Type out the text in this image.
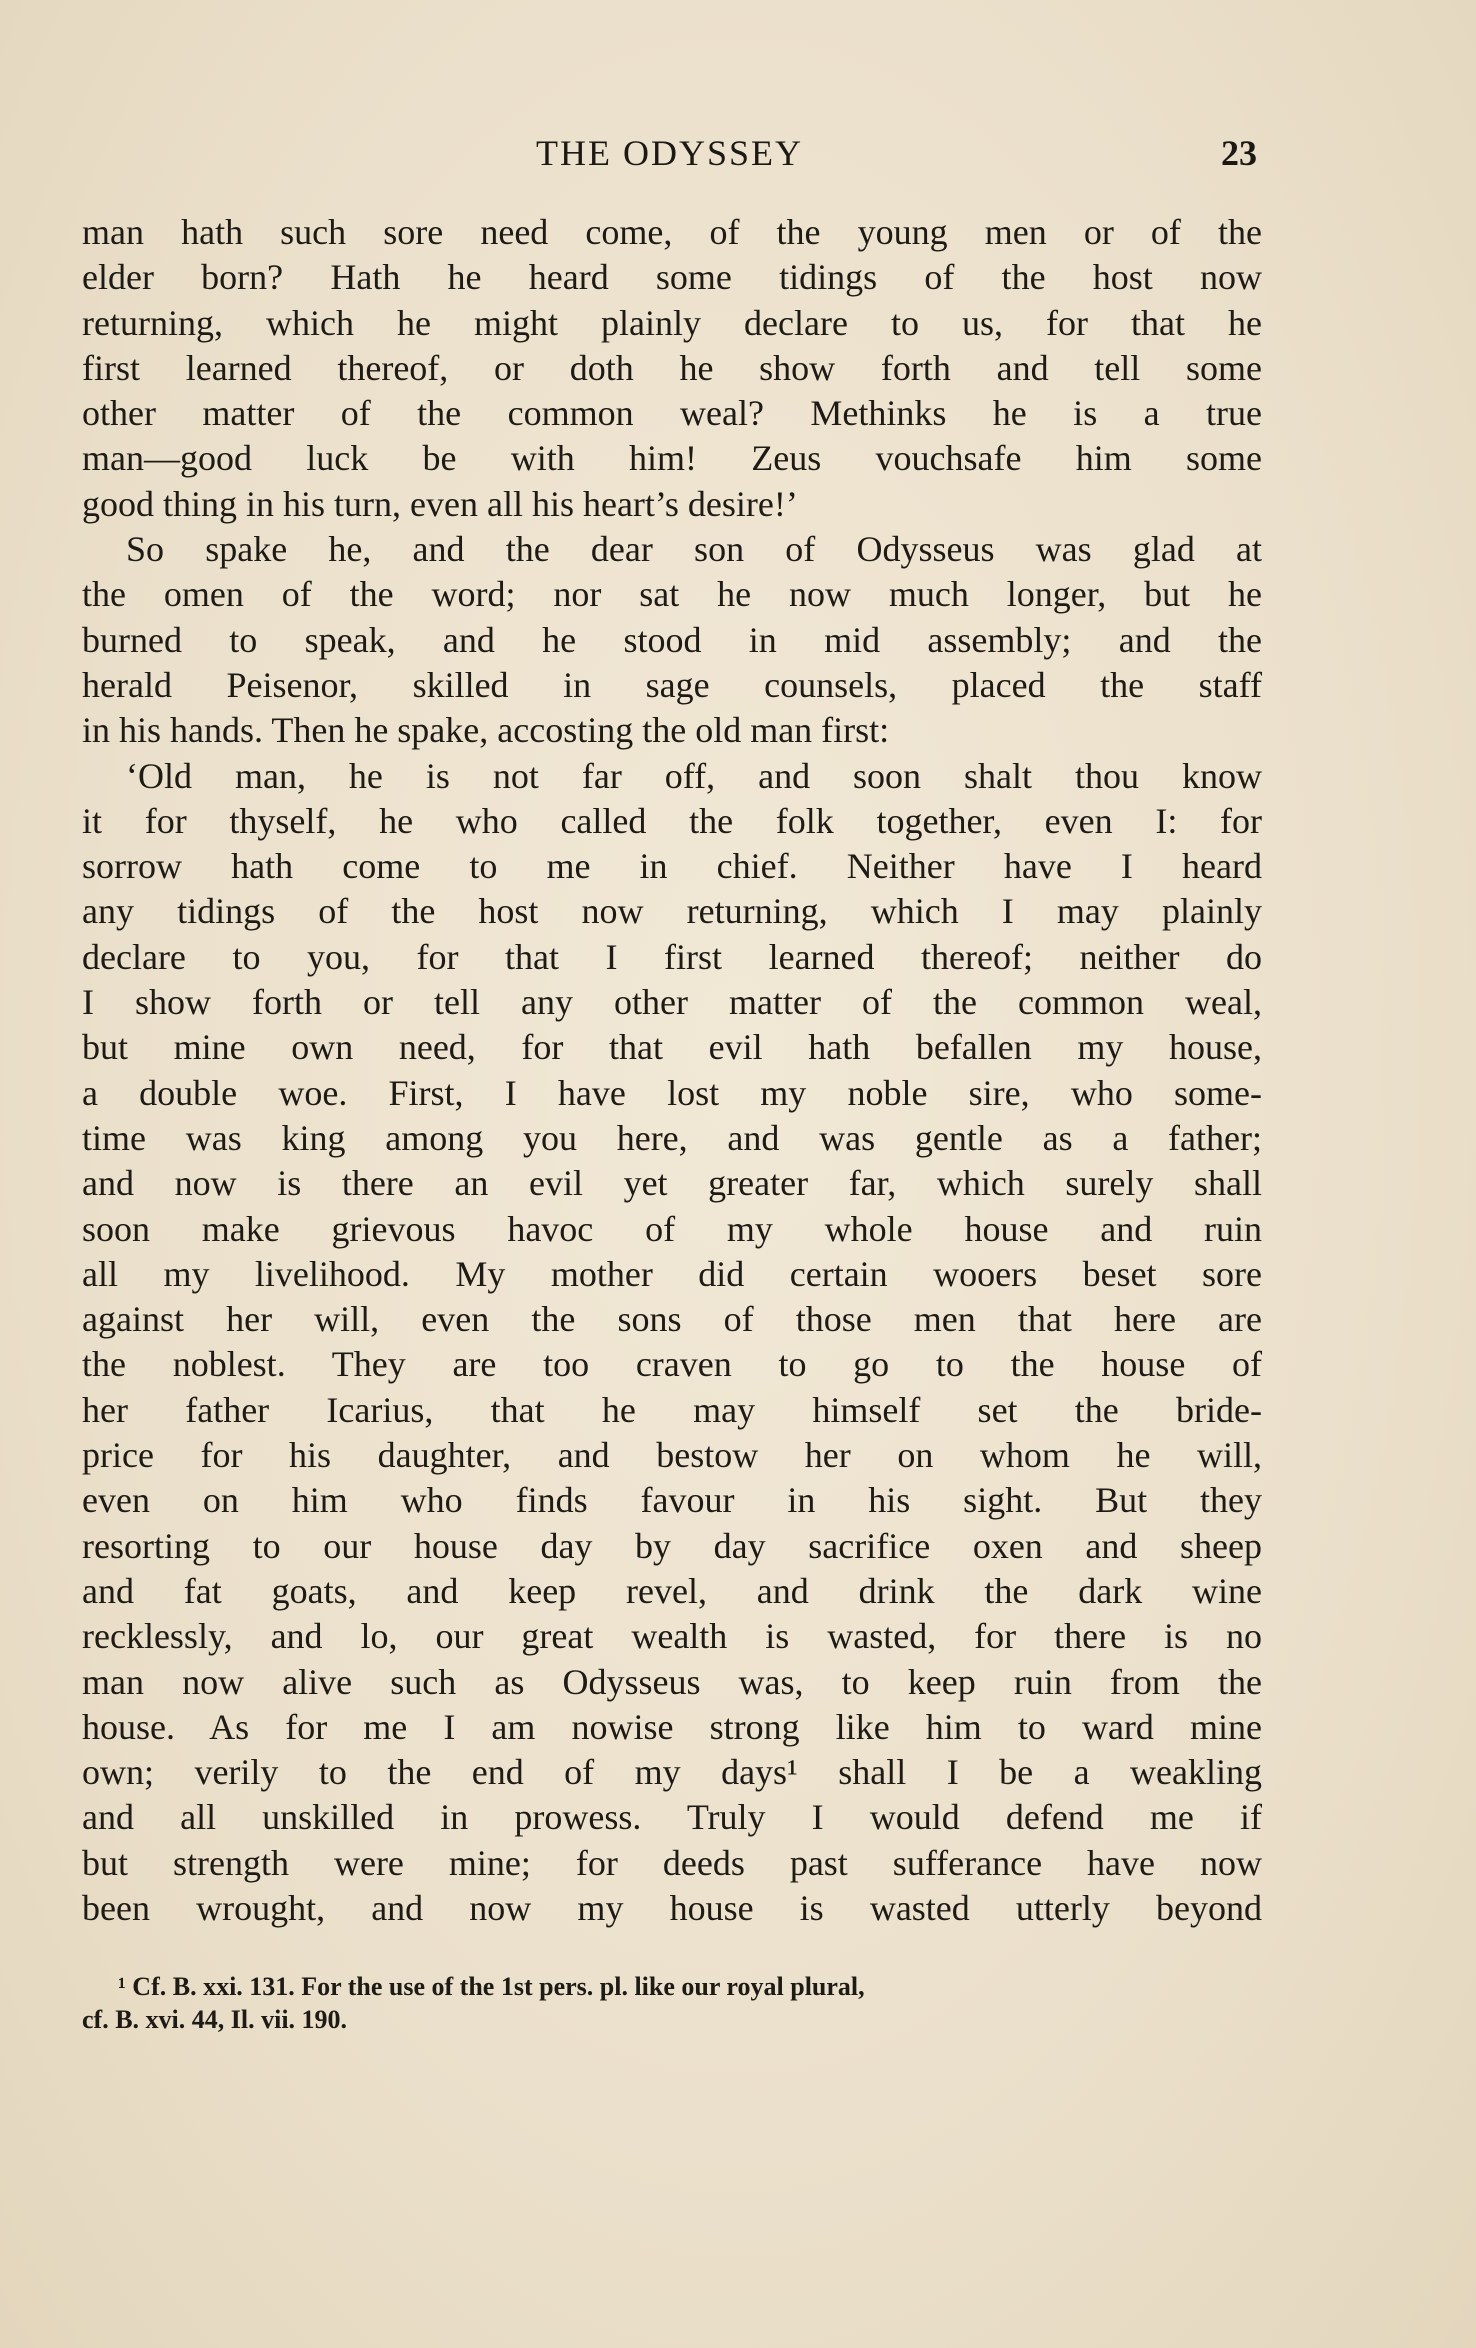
THE ODYSSEY	23
man hath such sore need come, of the young men or of the
elder born? Hath he heard some tidings of the host now
returning, which he might plainly declare to us, for that he
first learned thereof, or doth he show forth and tell some
other matter of the common weal? Methinks he is a true
man—good luck be with him! Zeus vouchsafe him some
good thing in his turn, even all his heart’s desire!’
So spake he, and the dear son of Odysseus was glad at
the omen of the word; nor sat he now much longer, but he
burned to speak, and he stood in mid assembly; and the
herald Peisenor, skilled in sage counsels, placed the staff
in his hands. Then he spake, accosting the old man first:
‘Old man, he is not far off, and soon shalt thou know
it for thyself, he who called the folk together, even I: for
sorrow hath come to me in chief. Neither have I heard
any tidings of the host now returning, which I may plainly
declare to you, for that I first learned thereof; neither do
I show forth or tell any other matter of the common weal,
but mine own need, for that evil hath befallen my house,
a double woe. First, I have lost my noble sire, who some-
time was king among you here, and was gentle as a father;
and now is there an evil yet greater far, which surely shall
soon make grievous havoc of my whole house and ruin
all my livelihood. My mother did certain wooers beset sore
against her will, even the sons of those men that here are
the noblest. They are too craven to go to the house of
her father Icarius, that he may himself set the bride-
price for his daughter, and bestow her on whom he will,
even on him who finds favour in his sight. But they
resorting to our house day by day sacrifice oxen and sheep
and fat goats, and keep revel, and drink the dark wine
recklessly, and lo, our great wealth is wasted, for there is no
man now alive such as Odysseus was, to keep ruin from the
house. As for me I am nowise strong like him to ward mine
own; verily to the end of my days¹ shall I be a weakling
and all unskilled in prowess. Truly I would defend me if
but strength were mine; for deeds past sufferance have now
been wrought, and now my house is wasted utterly beyond
¹ Cf. B. xxi. 131. For the use of the 1st pers. pl. like our royal plural,
cf. B. xvi. 44, Il. vii. 190.
